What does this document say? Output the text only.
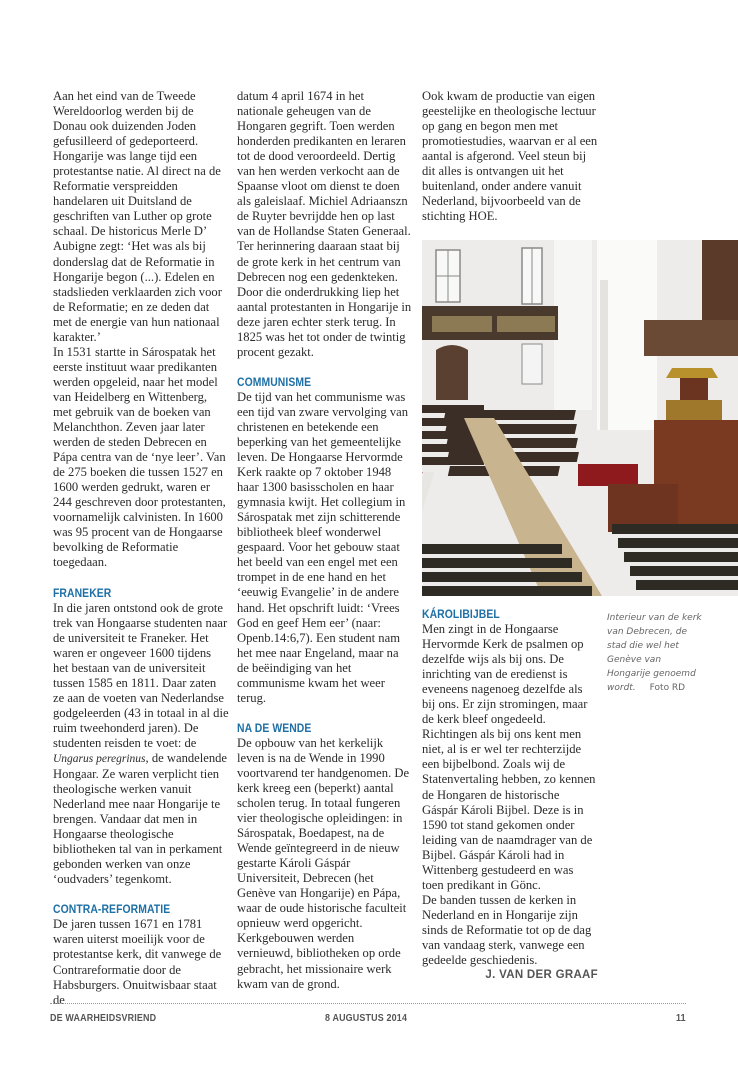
Aan het eind van de Tweede Wereldoorlog werden bij de Donau ook duizenden Joden gefusilleerd of gedeporteerd.

Hongarije was lange tijd een protestantse natie. Al direct na de Reformatie verspreidden handelaren uit Duitsland de geschriften van Luther op grote schaal. De historicus Merle D’ Aubigne zegt: ‘Het was als bij donderslag dat de Reformatie in Hongarije begon (...). Edelen en stadslieden verklaarden zich voor de Reformatie; en ze deden dat met de energie van hun nationaal karakter.’

In 1531 startte in Sárospatak het eerste instituut waar predikanten werden opgeleid, naar het model van Heidelberg en Wittenberg, met gebruik van de boeken van Melanchthon. Zeven jaar later werden de steden Debrecen en Pápa centra van de ‘nye leer’. Van de 275 boeken die tussen 1527 en 1600 werden gedrukt, waren er 244 geschreven door protestanten, voornamelijk calvinisten. In 1600 was 95 procent van de Hongaarse bevolking de Reformatie toegedaan.

FRANEKER

In die jaren ontstond ook de grote trek van Hongaarse studenten naar de universiteit te Franeker. Het waren er ongeveer 1600 tijdens het bestaan van de universiteit tussen 1585 en 1811. Daar zaten ze aan de voeten van Nederlandse godgeleerden (43 in totaal in al die ruim tweehonderd jaren). De studenten reisden te voet: de Ungarus peregrinus, de wandelende Hongaar. Ze waren verplicht tien theologische werken vanuit Nederland mee naar Hongarije te brengen. Vandaar dat men in Hongaarse theologische bibliotheken tal van in perkament gebonden werken van onze ‘oudvaders’ tegenkomt.

CONTRA-REFORMATIE

De jaren tussen 1671 en 1781 waren uiterst moeilijk voor de protestantse kerk, dit vanwege de Contrareformatie door de Habsburgers. Onuitwisbaar staat de

datum 4 april 1674 in het nationale geheugen van de Hongaren gegrift. Toen werden honderden predikanten en leraren tot de dood veroordeeld. Dertig van hen werden verkocht aan de Spaanse vloot om dienst te doen als galeislaaf. Michiel Adriaanszn de Ruyter bevrijdde hen op last van de Hollandse Staten Generaal. Ter herinnering daaraan staat bij de grote kerk in het centrum van Debrecen nog een gedenkteken.

Door die onderdrukking liep het aantal protestanten in Hongarije in deze jaren echter sterk terug. In 1825 was het tot onder de twintig procent gezakt.

COMMUNISME

De tijd van het communisme was een tijd van zware vervolging van christenen en betekende een beperking van het gemeentelijke leven. De Hongaarse Hervormde Kerk raakte op 7 oktober 1948 haar 1300 basisscholen en haar gymnasia kwijt. Het collegium in Sárospatak met zijn schitterende bibliotheek bleef wonderwel gespaard. Voor het gebouw staat het beeld van een engel met een trompet in de ene hand en het ‘eeuwig Evangelie’ in de andere hand. Het opschrift luidt: ‘Vrees God en geef Hem eer’ (naar: Openb.14:6,7). Een student nam het mee naar Engeland, maar na de beëindiging van het communisme kwam het weer terug.

NA DE WENDE

De opbouw van het kerkelijk leven is na de Wende in 1990 voortvarend ter handgenomen. De kerk kreeg een (beperkt) aantal scholen terug. In totaal fungeren vier theologische opleidingen: in Sárospatak, Boedapest, na de Wende geïntegreerd in de nieuw gestarte Károli Gáspár Universiteit, Debrecen (het Genève van Hongarije) en Pápa, waar de oude historische faculteit opnieuw werd opgericht. Kerkgebouwen werden vernieuwd, bibliotheken op orde gebracht, het missionaire werk kwam van de grond.

Ook kwam de productie van eigen geestelijke en theologische lectuur op gang en begon men met promotiestudies, waarvan er al een aantal is afgerond. Veel steun bij dit alles is ontvangen uit het buitenland, onder andere vanuit Nederland, bijvoorbeeld van de stichting HOE.

KÁROLIBIJBEL

Men zingt in de Hongaarse Hervormde Kerk de psalmen op dezelfde wijs als bij ons. De inrichting van de eredienst is eveneens nagenoeg dezelfde als bij ons. Er zijn stromingen, maar de kerk bleef ongedeeld. Richtingen als bij ons kent men niet, al is er wel ter rechterzijde een bijbelbond. Zoals wij de Statenvertaling hebben, zo kennen de Hongaren de historische Gáspár Károli Bijbel. Deze is in 1590 tot stand gekomen onder leiding van de naamdrager van de Bijbel. Gáspár Károli had in Wittenberg gestudeerd en was toen predikant in Gönc.

De banden tussen de kerken in Nederland en in Hongarije zijn sinds de Reformatie tot op de dag van vandaag sterk, vanwege een gedeelde geschiedenis.

J. VAN DER GRAAF
Interieur van de kerk van Debrecen, de stad die wel het Genève van Hongarije genoemd wordt. Foto RD
DE WAARHEIDSVRIEND	8 AUGUSTUS 2014	11
